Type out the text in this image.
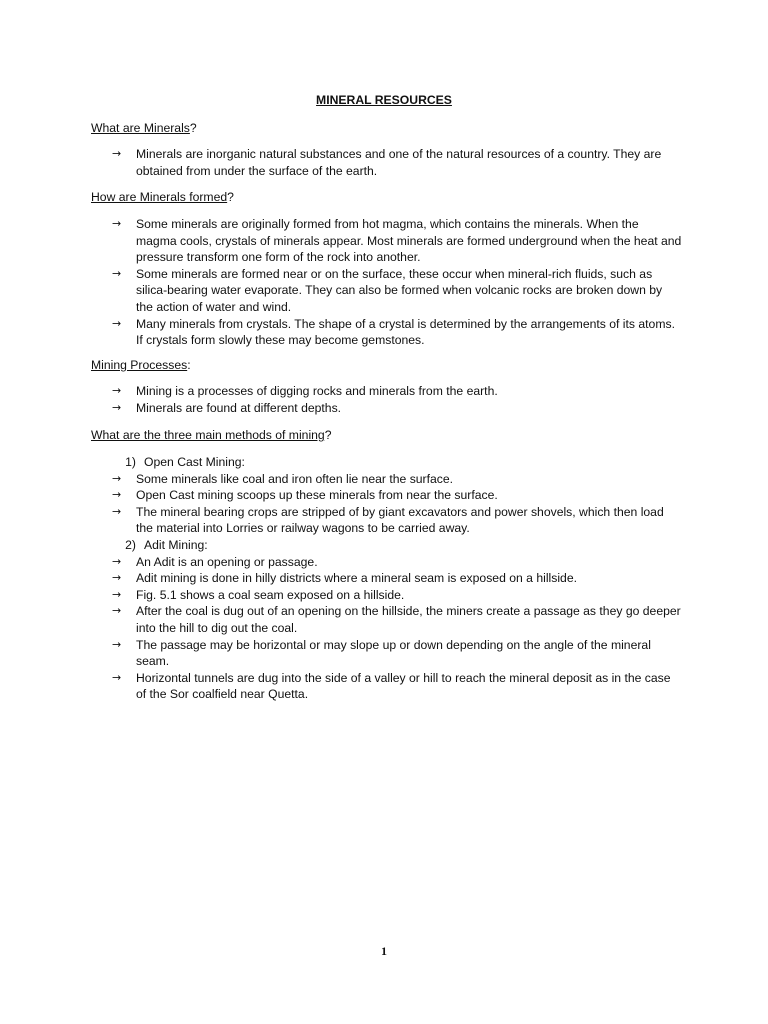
MINERAL RESOURCES

What are Minerals?

→	Minerals are inorganic natural substances and one of the natural resources of a country. They are obtained from under the surface of the earth.

How are Minerals formed?

→	Some minerals are originally formed from hot magma, which contains the minerals. When the magma cools, crystals of minerals appear. Most minerals are formed underground when the heat and pressure transform one form of the rock into another.
→	Some minerals are formed near or on the surface, these occur when mineral-rich fluids, such as silica-bearing water evaporate. They can also be formed when volcanic rocks are broken down by the action of water and wind.
→	Many minerals from crystals. The shape of a crystal is determined by the arrangements of its atoms. If crystals form slowly these may become gemstones.

Mining Processes:

→	Mining is a processes of digging rocks and minerals from the earth.
→	Minerals are found at different depths.

What are the three main methods of mining?

1) Open Cast Mining:
→	Some minerals like coal and iron often lie near the surface.
→	Open Cast mining scoops up these minerals from near the surface.
→	The mineral bearing crops are stripped of by giant excavators and power shovels, which then load the material into Lorries or railway wagons to be carried away.
2) Adit Mining:
→	An Adit is an opening or passage.
→	Adit mining is done in hilly districts where a mineral seam is exposed on a hillside.
→	Fig. 5.1 shows a coal seam exposed on a hillside.
→	After the coal is dug out of an opening on the hillside, the miners create a passage as they go deeper into the hill to dig out the coal.
→	The passage may be horizontal or may slope up or down depending on the angle of the mineral seam.
→	Horizontal tunnels are dug into the side of a valley or hill to reach the mineral deposit as in the case of the Sor coalfield near Quetta.
1
